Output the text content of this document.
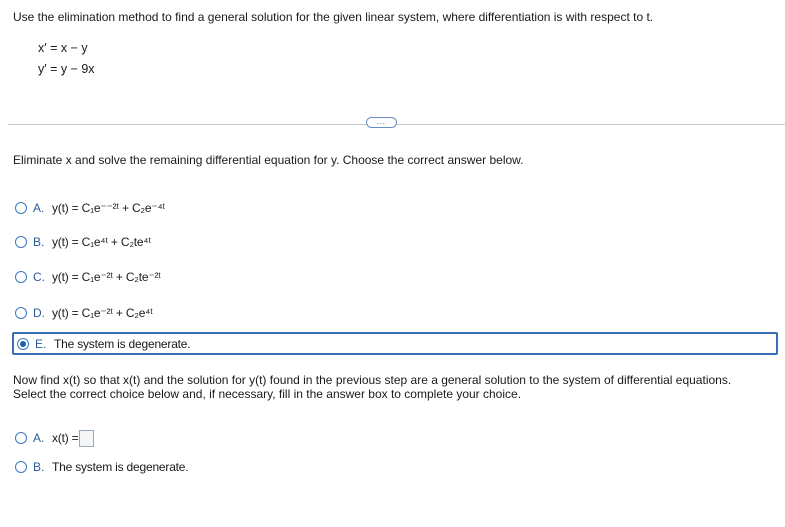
Use the elimination method to find a general solution for the given linear system, where differentiation is with respect to t.
x′ = x − y
y′ = y − 9x
…
Eliminate x and solve the remaining differential equation for y. Choose the correct answer below.
A. y(t) = C₁e⁻⁻²ᵗ + C₂e⁻⁴ᵗ
B. y(t) = C₁e⁴ᵗ + C₂te⁴ᵗ
C. y(t) = C₁e⁻²ᵗ + C₂te⁻²ᵗ
D. y(t) = C₁e⁻²ᵗ + C₂e⁴ᵗ
E. The system is degenerate.
Now find x(t) so that x(t) and the solution for y(t) found in the previous step are a general solution to the system of differential equations. Select the correct choice below and, if necessary, fill in the answer box to complete your choice.
A. x(t) =
B. The system is degenerate.
